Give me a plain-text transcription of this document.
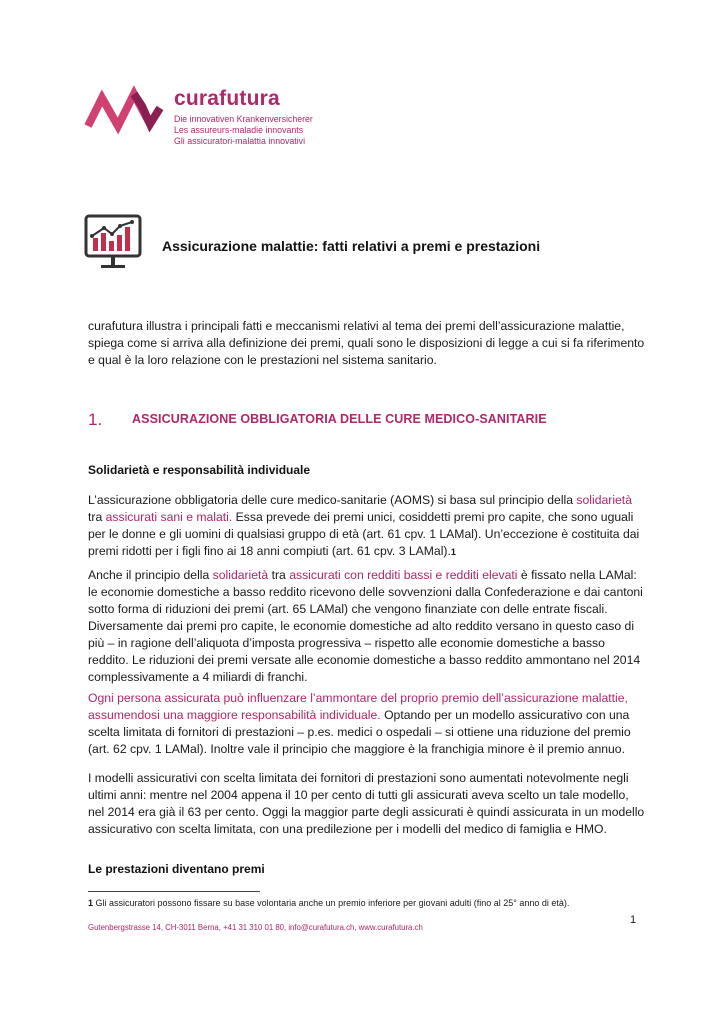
curafutura
Die innovativen Krankenversicherer
Les assureurs-maladie innovants
Gli assicuratori-malattia innovativi
Assicurazione malattie: fatti relativi a premi e prestazioni

curafutura illustra i principali fatti e meccanismi relativi al tema dei premi dell’assicurazione malattie, spiega come si arriva alla definizione dei premi, quali sono le disposizioni di legge a cui si fa riferimento e qual è la loro relazione con le prestazioni nel sistema sanitario.

1. ASSICURAZIONE OBBLIGATORIA DELLE CURE MEDICO-SANITARIE
Solidarietà e responsabilità individuale

L’assicurazione obbligatoria delle cure medico-sanitarie (AOMS) si basa sul principio della solidarietà tra assicurati sani e malati. Essa prevede dei premi unici, cosiddetti premi pro capite, che sono uguali per le donne e gli uomini di qualsiasi gruppo di età (art. 61 cpv. 1 LAMal). Un’eccezione è costituita dai premi ridotti per i figli fino ai 18 anni compiuti (art. 61 cpv. 3 LAMal).1

Anche il principio della solidarietà tra assicurati con redditi bassi e redditi elevati è fissato nella LAMal: le economie domestiche a basso reddito ricevono delle sovvenzioni dalla Confederazione e dai cantoni sotto forma di riduzioni dei premi (art. 65 LAMal) che vengono finanziate con delle entrate fiscali. Diversamente dai premi pro capite, le economie domestiche ad alto reddito versano in questo caso di più – in ragione dell’aliquota d’imposta progressiva – rispetto alle economie domestiche a basso reddito. Le riduzioni dei premi versate alle economie domestiche a basso reddito ammontano nel 2014 complessivamente a 4 miliardi di franchi.

Ogni persona assicurata può influenzare l’ammontare del proprio premio dell’assicurazione malattie, assumendosi una maggiore responsabilità individuale. Optando per un modello assicurativo con una scelta limitata di fornitori di prestazioni – p.es. medici o ospedali – si ottiene una riduzione del premio (art. 62 cpv. 1 LAMal). Inoltre vale il principio che maggiore è la franchigia minore è il premio annuo.

I modelli assicurativi con scelta limitata dei fornitori di prestazioni sono aumentati notevolmente negli ultimi anni: mentre nel 2004 appena il 10 per cento di tutti gli assicurati aveva scelto un tale modello, nel 2014 era già il 63 per cento. Oggi la maggior parte degli assicurati è quindi assicurata in un modello assicurativo con scelta limitata, con una predilezione per i modelli del medico di famiglia e HMO.

Le prestazioni diventano premi
1 Gli assicuratori possono fissare su base volontaria anche un premio inferiore per giovani adulti (fino al 25° anno di età).
1
Gutenbergstrasse 14, CH-3011 Berna, +41 31 310 01 80, info@curafutura.ch, www.curafutura.ch
